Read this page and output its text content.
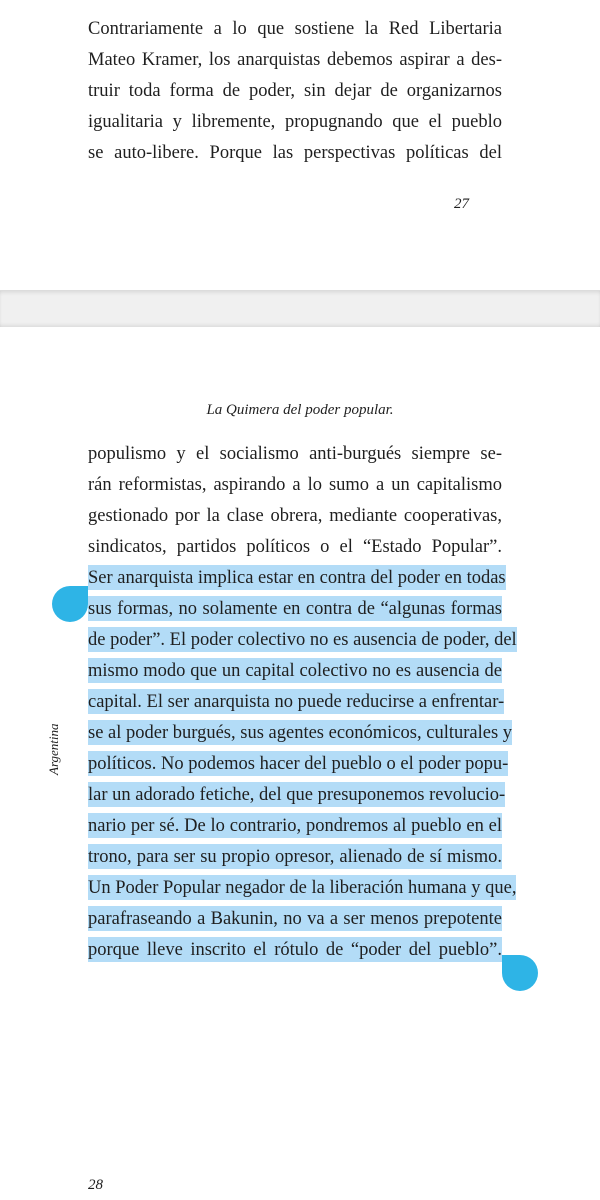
Contrariamente a lo que sostiene la Red Libertaria
Mateo Kramer, los anarquistas debemos aspirar a des-
truir toda forma de poder, sin dejar de organizarnos
igualitaria y libremente, propugnando que el pueblo
se auto-libere. Porque las perspectivas políticas del
27
La Quimera del poder popular.
Argentina
populismo y el socialismo anti-burgués siempre se-
rán reformistas, aspirando a lo sumo a un capitalismo
gestionado por la clase obrera, mediante cooperativas,
sindicatos, partidos políticos o el “Estado Popular”.
Ser anarquista implica estar en contra del poder en todas
sus formas, no solamente en contra de “algunas formas
de poder”. El poder colectivo no es ausencia de poder, del
mismo modo que un capital colectivo no es ausencia de
capital. El ser anarquista no puede reducirse a enfrentar-
se al poder burgués, sus agentes económicos, culturales y
políticos. No podemos hacer del pueblo o el poder popu-
lar un adorado fetiche, del que presuponemos revolucio-
nario per sé. De lo contrario, pondremos al pueblo en el
trono, para ser su propio opresor, alienado de sí mismo.
Un Poder Popular negador de la liberación humana y que,
parafraseando a Bakunin, no va a ser menos prepotente
porque lleve inscrito el rótulo de “poder del pueblo”.
28
